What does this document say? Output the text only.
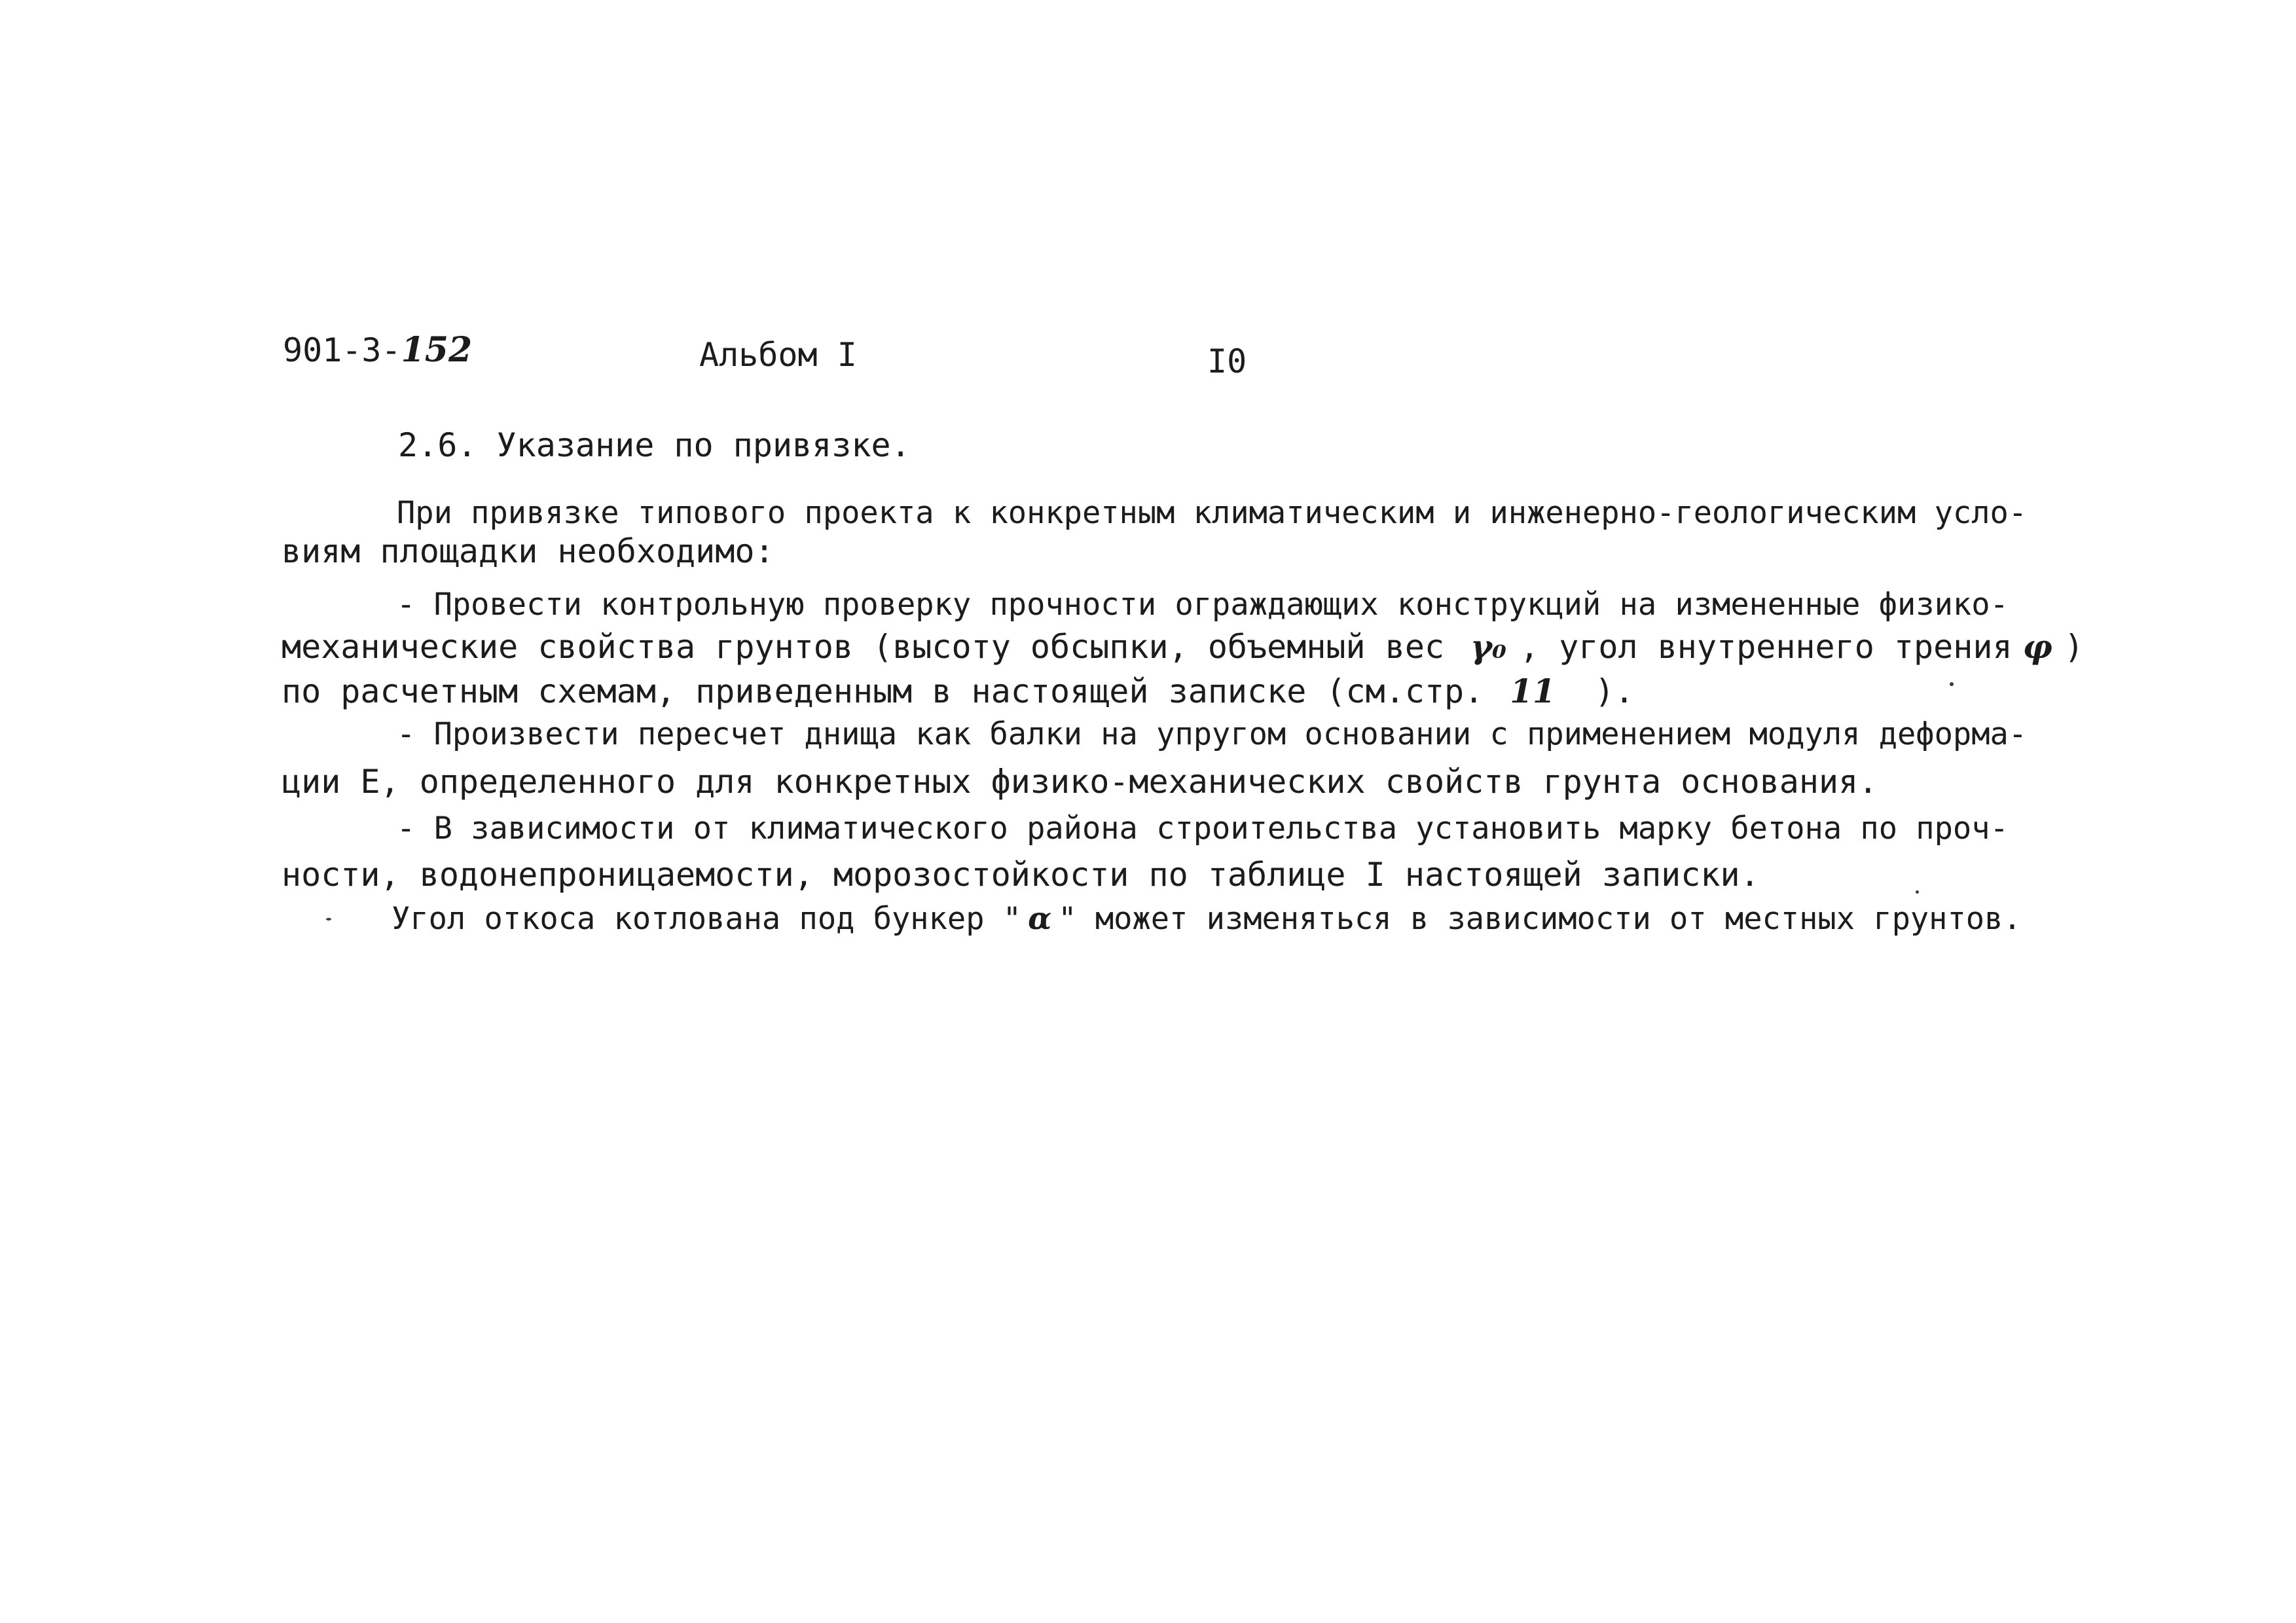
901-3-152	Альбом I	I0
2.6. Указание по привязке.
При привязке типового проекта к конкретным климатическим и инженерно-геологическим усло-
виям площадки необходимо:
- Провести контрольную проверку прочности ограждающих конструкций на измененные физико-
механические свойства грунтов (высоту обсыпки, объемный вес γ₀ , угол внутреннего трения φ )
по расчетным схемам, приведенным в настоящей записке (см.стр. 11 ).
- Произвести пересчет днища как балки на упругом основании с применением модуля деформа-
ции Е, определенного для конкретных физико-механических свойств грунта основания.
- В зависимости от климатического района строительства установить марку бетона по проч-
ности, водонепроницаемости, морозостойкости по таблице I настоящей записки.
Угол откоса котлована под бункер " α " может изменяться в зависимости от местных грунтов.
